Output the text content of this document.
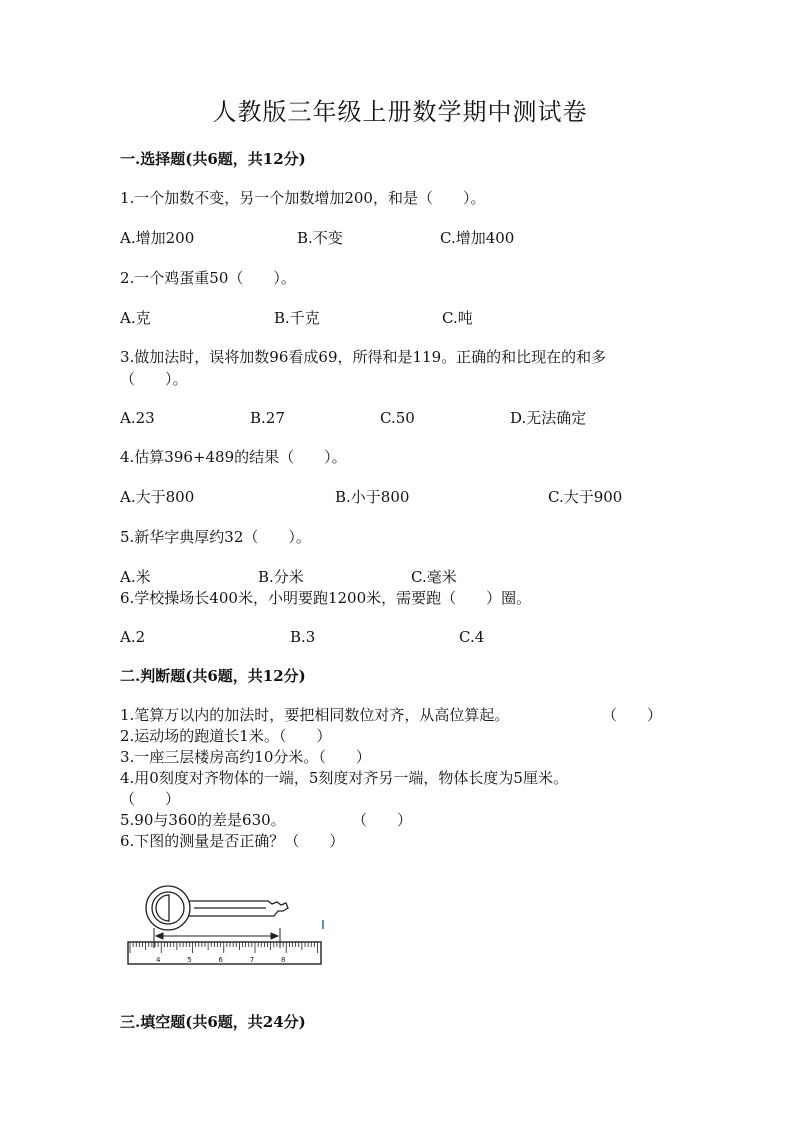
人教版三年级上册数学期中测试卷
一.选择题(共6题，共12分)
1.一个加数不变，另一个加数增加200，和是（　　）。
A.增加200	B.不变	C.增加400
2.一个鸡蛋重50（　　）。
A.克	B.千克	C.吨
3.做加法时，误将加数96看成69，所得和是119。正确的和比现在的和多
（　　）。
A.23	B.27	C.50	D.无法确定
4.估算396+489的结果（　　）。
A.大于800	B.小于800	C.大于900
5.新华字典厚约32（　　）。
A.米	B.分米	C.毫米
6.学校操场长400米，小明要跑1200米，需要跑（　　）圈。
A.2	B.3	C.4
二.判断题(共6题，共12分)
1.笔算万以内的加法时，要把相同数位对齐，从高位算起。	（　　）
2.运动场的跑道长1米。（　　）
3.一座三层楼房高约10分米。（　　）
4.用0刻度对齐物体的一端，5刻度对齐另一端，物体长度为5厘米。
（　　）
5.90与360的差是630。	（　　）
6.下图的测量是否正确？（　　）
4	5	6	7	8
三.填空题(共6题，共24分)
